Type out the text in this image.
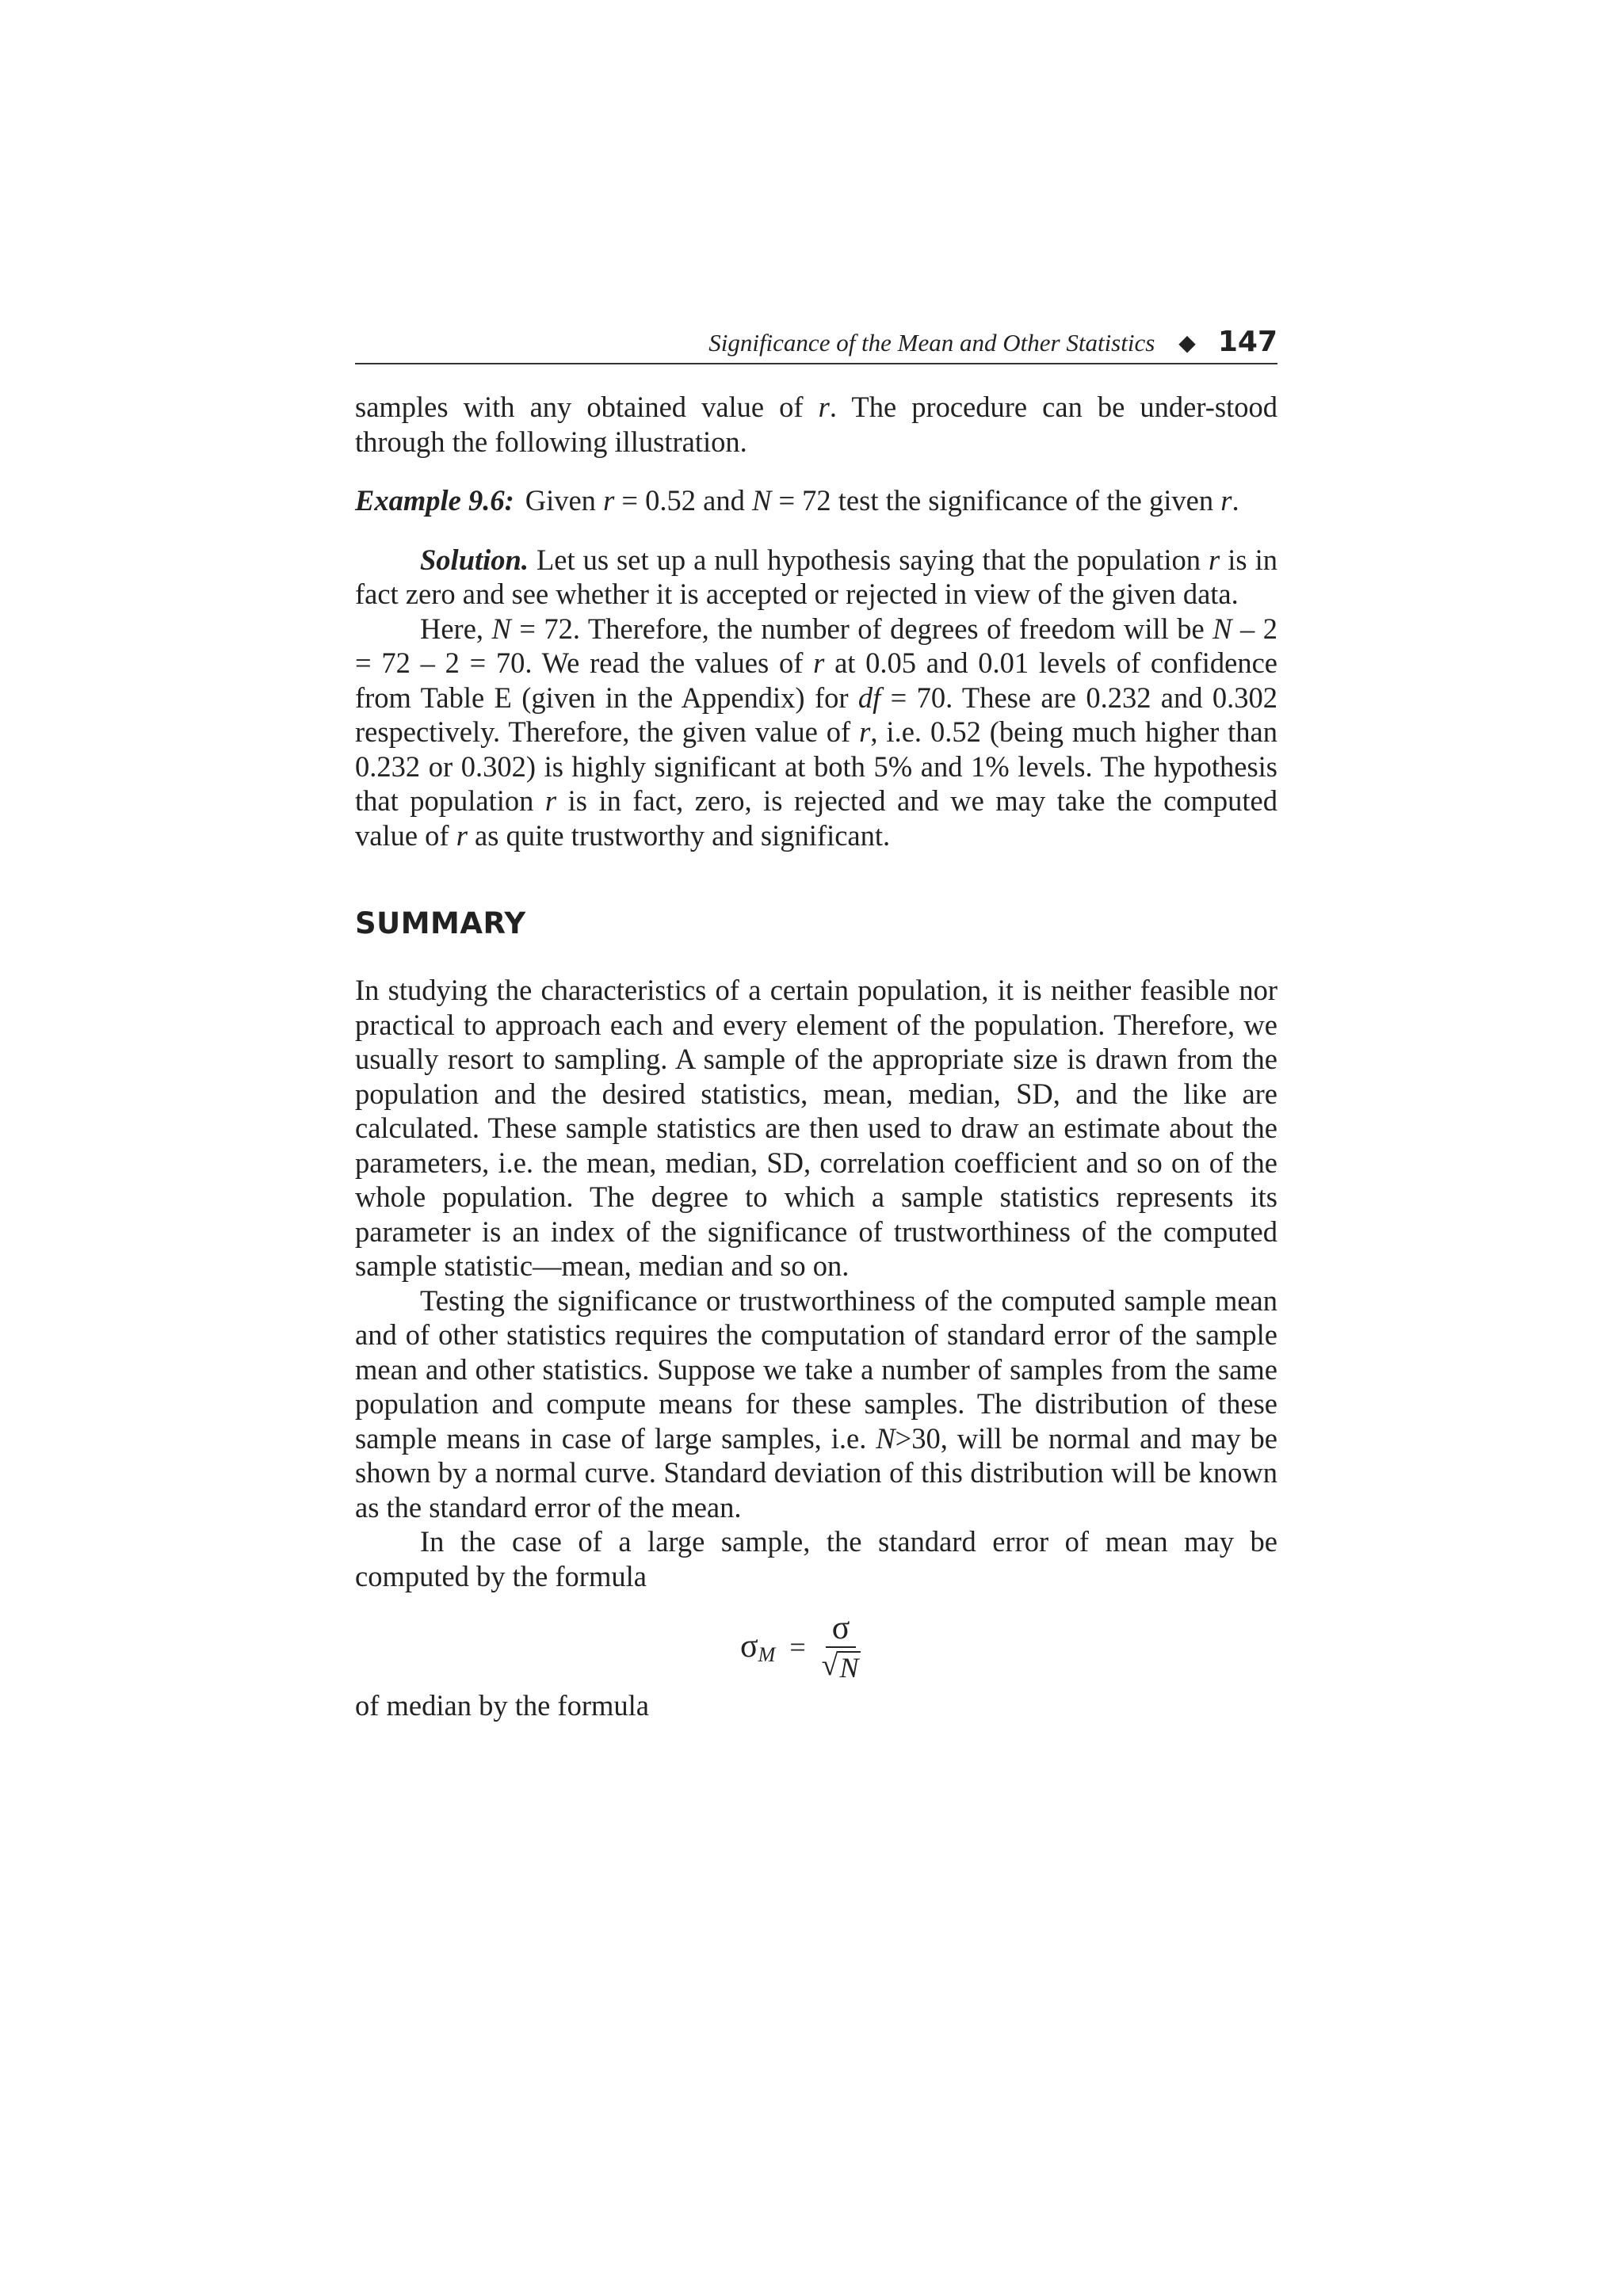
Significance of the Mean and Other Statistics ◆ 147

samples with any obtained value of r. The procedure can be under-stood through the following illustration.

Example 9.6: Given r = 0.52 and N = 72 test the significance of the given r.

Solution. Let us set up a null hypothesis saying that the population r is in fact zero and see whether it is accepted or rejected in view of the given data.

Here, N = 72. Therefore, the number of degrees of freedom will be N – 2 = 72 – 2 = 70. We read the values of r at 0.05 and 0.01 levels of confidence from Table E (given in the Appendix) for df = 70. These are 0.232 and 0.302 respectively. Therefore, the given value of r, i.e. 0.52 (being much higher than 0.232 or 0.302) is highly significant at both 5% and 1% levels. The hypothesis that population r is in fact, zero, is rejected and we may take the computed value of r as quite trustworthy and significant.

SUMMARY

In studying the characteristics of a certain population, it is neither feasible nor practical to approach each and every element of the population. Therefore, we usually resort to sampling. A sample of the appropriate size is drawn from the population and the desired statistics, mean, median, SD, and the like are calculated. These sample statistics are then used to draw an estimate about the parameters, i.e. the mean, median, SD, correlation coefficient and so on of the whole population. The degree to which a sample statistics represents its parameter is an index of the significance of trustworthiness of the computed sample statistic—mean, median and so on.

Testing the significance or trustworthiness of the computed sample mean and of other statistics requires the computation of standard error of the sample mean and other statistics. Suppose we take a number of samples from the same population and compute means for these samples. The distribution of these sample means in case of large samples, i.e. N>30, will be normal and may be shown by a normal curve. Standard deviation of this distribution will be known as the standard error of the mean.

In the case of a large sample, the standard error of mean may be computed by the formula

$\sigma_M = \frac{\sigma}{√ N}$

of median by the formula
